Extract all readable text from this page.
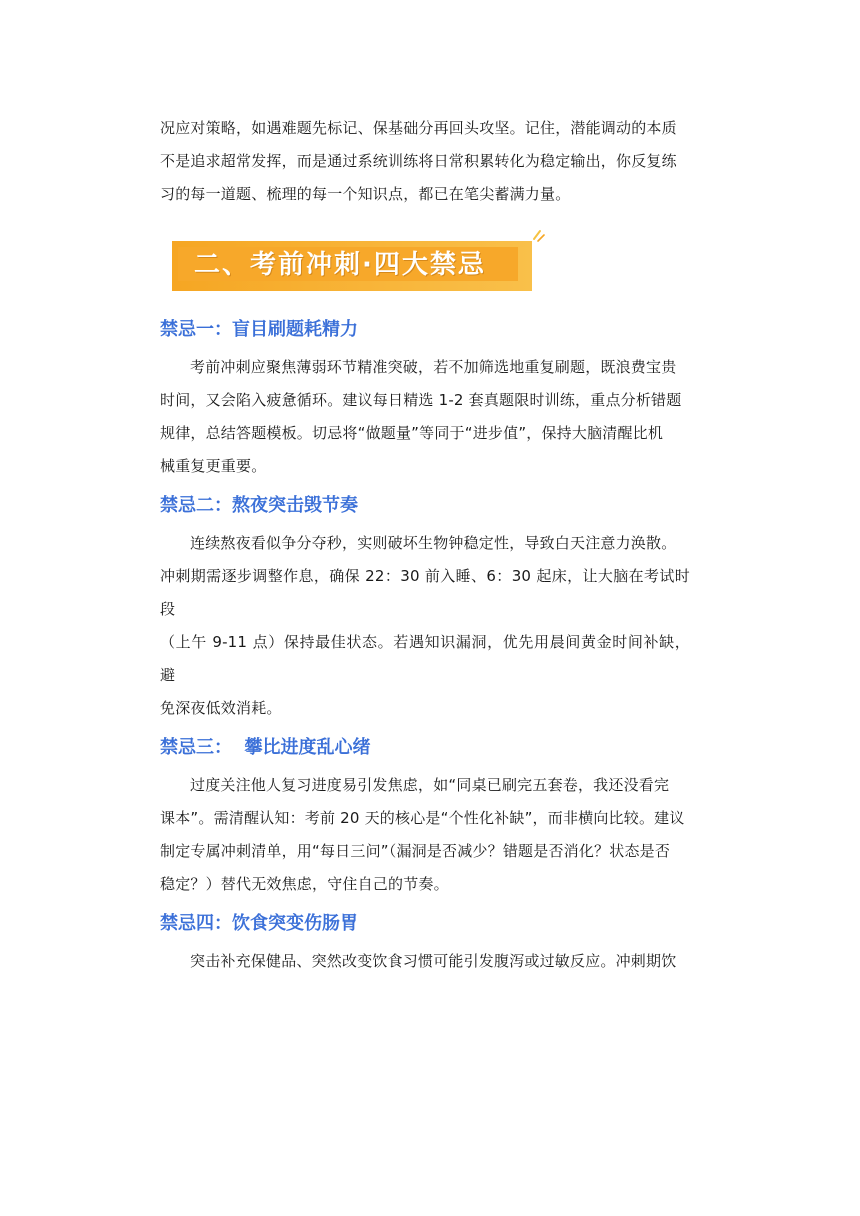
况应对策略，如遇难题先标记、保基础分再回头攻坚。记住，潜能调动的本质

不是追求超常发挥，而是通过系统训练将日常积累转化为稳定输出，你反复练

习的每一道题、梳理的每一个知识点，都已在笔尖蓄满力量。

二、考前冲刺·四大禁忌
禁忌一：盲目刷题耗精力

考前冲刺应聚焦薄弱环节精准突破，若不加筛选地重复刷题，既浪费宝贵

时间，又会陷入疲惫循环。建议每日精选 1-2 套真题限时训练，重点分析错题

规律，总结答题模板。切忌将“做题量”等同于“进步值”，保持大脑清醒比机

械重复更重要。

禁忌二：熬夜突击毁节奏

连续熬夜看似争分夺秒，实则破坏生物钟稳定性，导致白天注意力涣散。

冲刺期需逐步调整作息，确保 22：30 前入睡、6：30 起床，让大脑在考试时段

（上午 9-11 点）保持最佳状态。若遇知识漏洞，优先用晨间黄金时间补缺，避

免深夜低效消耗。

禁忌三：  攀比进度乱心绪

过度关注他人复习进度易引发焦虑，如“同桌已刷完五套卷，我还没看完

课本”。需清醒认知：考前 20 天的核心是“个性化补缺”，而非横向比较。建议

制定专属冲刺清单，用“每日三问”（漏洞是否减少？错题是否消化？状态是否

稳定？）替代无效焦虑，守住自己的节奏。

禁忌四：饮食突变伤肠胃

突击补充保健品、突然改变饮食习惯可能引发腹泻或过敏反应。冲刺期饮
